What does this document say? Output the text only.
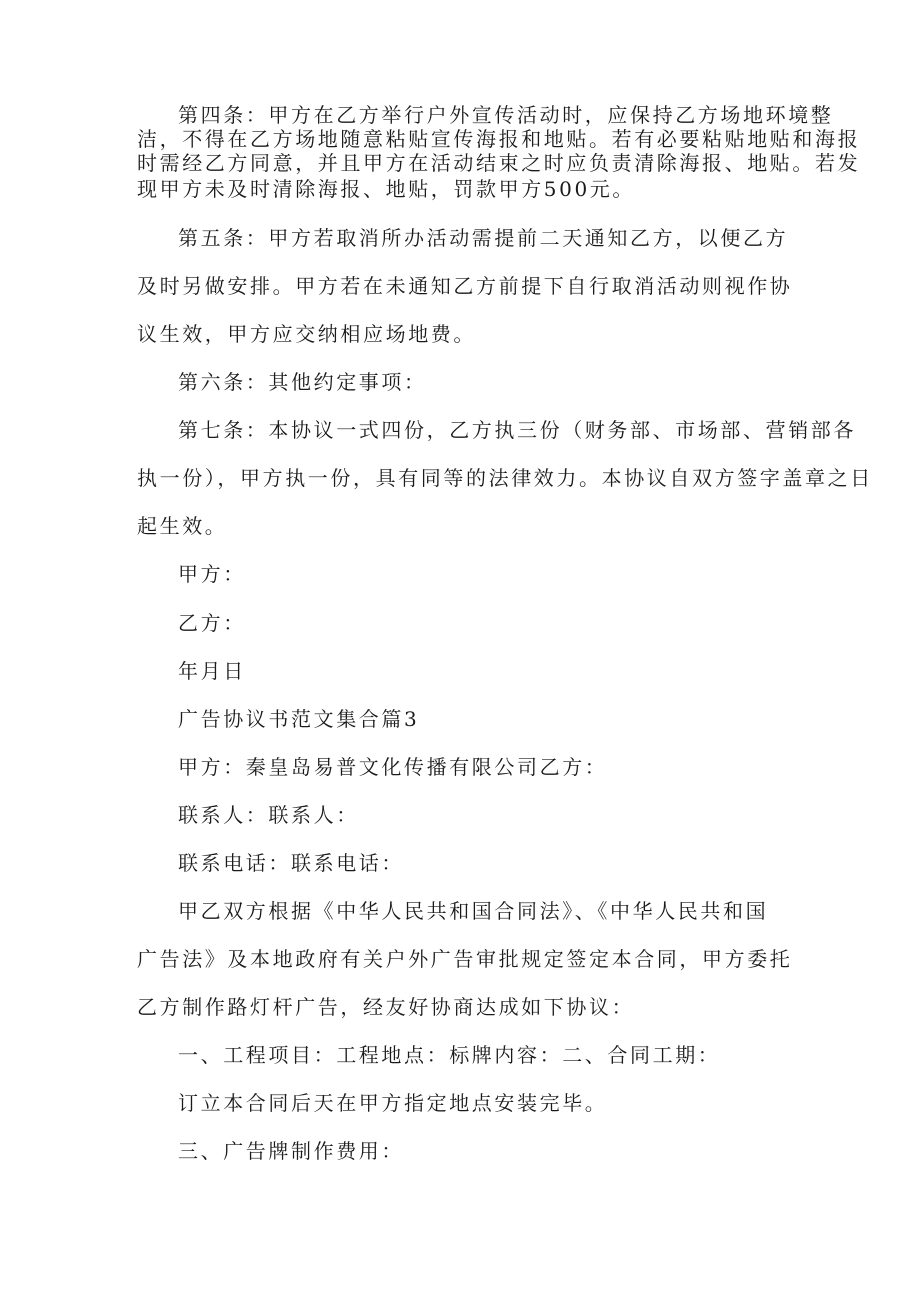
第四条：甲方在乙方举行户外宣传活动时，应保持乙方场地环境整
洁，不得在乙方场地随意粘贴宣传海报和地贴。若有必要粘贴地贴和海报
时需经乙方同意，并且甲方在活动结束之时应负责清除海报、地贴。若发
现甲方未及时清除海报、地贴，罚款甲方500元。
第五条：甲方若取消所办活动需提前二天通知乙方，以便乙方
及时另做安排。甲方若在未通知乙方前提下自行取消活动则视作协
议生效，甲方应交纳相应场地费。
第六条：其他约定事项：
第七条：本协议一式四份，乙方执三份（财务部、市场部、营销部各
执一份），甲方执一份，具有同等的法律效力。本协议自双方签字盖章之日
起生效。
甲方：
乙方：
年月日
广告协议书范文集合篇3
甲方：秦皇岛易普文化传播有限公司乙方：
联系人：联系人：
联系电话：联系电话：
甲乙双方根据《中华人民共和国合同法》、《中华人民共和国
广告法》及本地政府有关户外广告审批规定签定本合同，甲方委托
乙方制作路灯杆广告，经友好协商达成如下协议：
一、工程项目：工程地点：标牌内容：二、合同工期：
订立本合同后天在甲方指定地点安装完毕。
三、广告牌制作费用：
